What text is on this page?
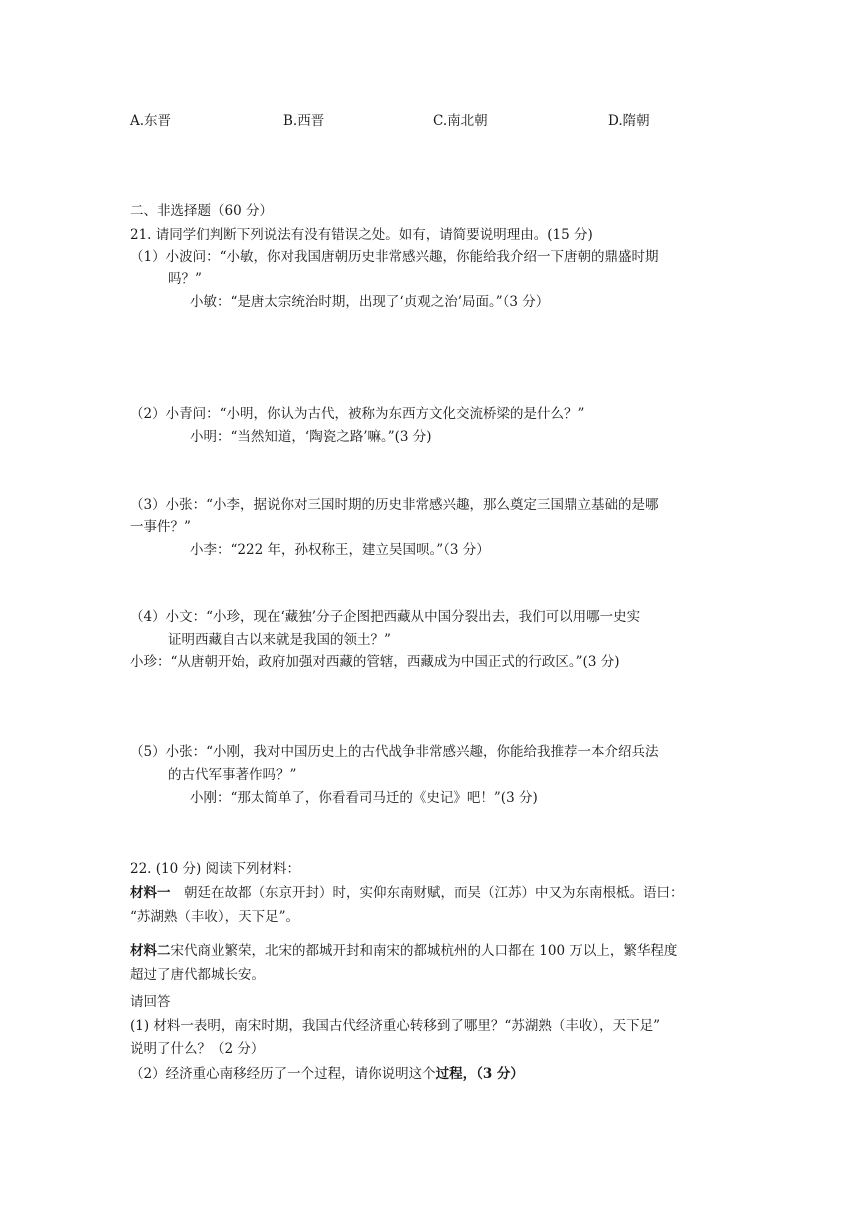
A.东晋	B.西晋	C.南北朝	D.隋朝
二、非选择题（60 分）
21. 请同学们判断下列说法有没有错误之处。如有，请简要说明理由。(15 分)
（1）小波问：“小敏，你对我国唐朝历史非常感兴趣，你能给我介绍一下唐朝的鼎盛时期
吗？”
小敏：“是唐太宗统治时期，出现了‘贞观之治’局面。”（3 分）
（2）小青问：“小明，你认为古代，被称为东西方文化交流桥梁的是什么？”
小明：“当然知道，‘陶瓷之路’嘛。”(3 分)
（3）小张：“小李，据说你对三国时期的历史非常感兴趣，那么奠定三国鼎立基础的是哪
一事件？”
小李：“222 年，孙权称王，建立吴国呗。”（3 分）
（4）小文：“小珍，现在‘藏独’分子企图把西藏从中国分裂出去，我们可以用哪一史实
证明西藏自古以来就是我国的领土？”
小珍：“从唐朝开始，政府加强对西藏的管辖，西藏成为中国正式的行政区。”(3 分)
（5）小张：“小刚，我对中国历史上的古代战争非常感兴趣，你能给我推荐一本介绍兵法
的古代军事著作吗？”
小刚：“那太简单了，你看看司马迁的《史记》吧！”(3 分)
22. (10 分) 阅读下列材料：
材料一　朝廷在故都（东京开封）时，实仰东南财赋，而吴（江苏）中又为东南根柢。语曰：
“苏湖熟（丰收），天下足”。
材料二宋代商业繁荣，北宋的都城开封和南宋的都城杭州的人口都在 100 万以上，繁华程度
超过了唐代都城长安。
请回答
(1) 材料一表明，南宋时期，我国古代经济重心转移到了哪里？“苏湖熟（丰收），天下足”
说明了什么？（2 分）
（2）经济重心南移经历了一个过程，请你说明这个过程，（3 分）
